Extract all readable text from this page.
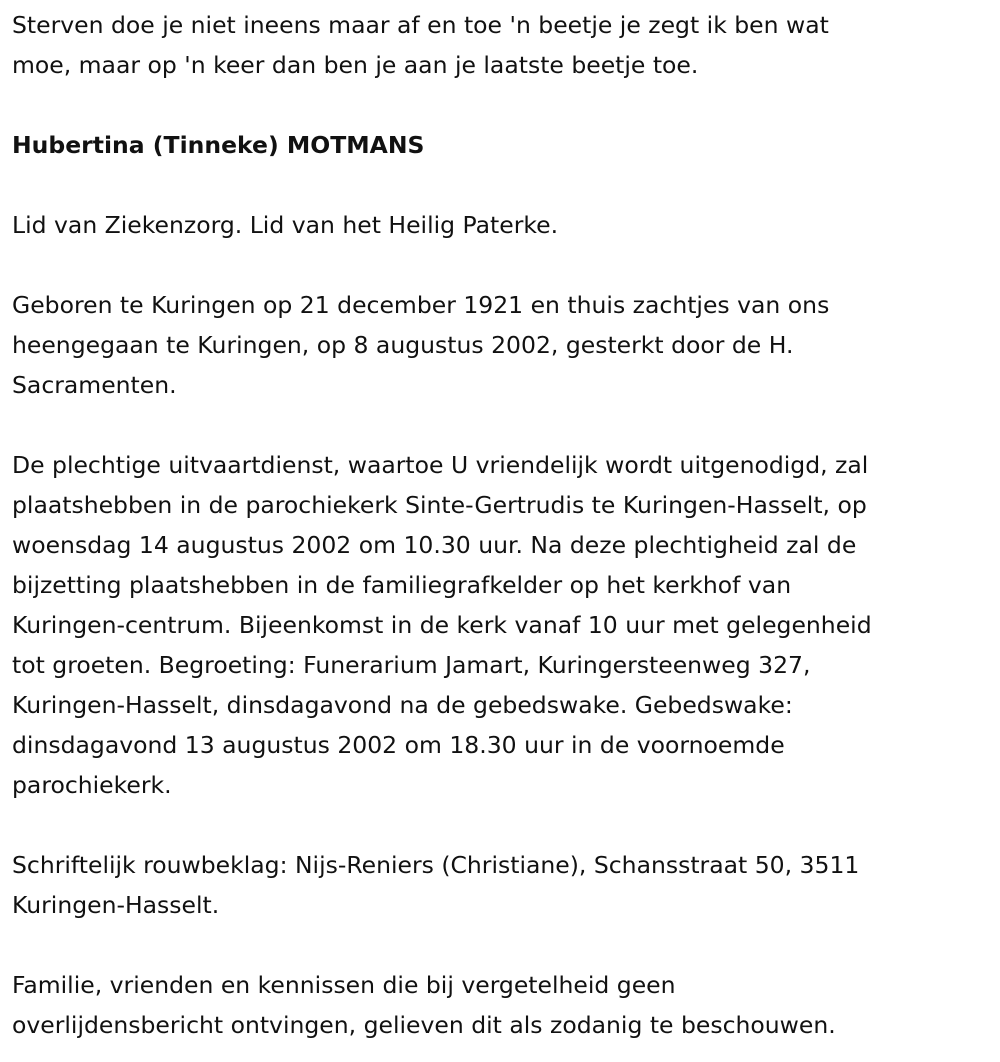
Sterven doe je niet ineens maar af en toe 'n beetje je zegt ik ben wat
moe, maar op 'n keer dan ben je aan je laatste beetje toe.

Hubertina (Tinneke) MOTMANS

Lid van Ziekenzorg. Lid van het Heilig Paterke.

Geboren te Kuringen op 21 december 1921 en thuis zachtjes van ons
heengegaan te Kuringen, op 8 augustus 2002, gesterkt door de H.
Sacramenten.

De plechtige uitvaartdienst, waartoe U vriendelijk wordt uitgenodigd, zal
plaatshebben in de parochiekerk Sinte-Gertrudis te Kuringen-Hasselt, op
woensdag 14 augustus 2002 om 10.30 uur. Na deze plechtigheid zal de
bijzetting plaatshebben in de familiegrafkelder op het kerkhof van
Kuringen-centrum. Bijeenkomst in de kerk vanaf 10 uur met gelegenheid
tot groeten. Begroeting: Funerarium Jamart, Kuringersteenweg 327,
Kuringen-Hasselt, dinsdagavond na de gebedswake. Gebedswake:
dinsdagavond 13 augustus 2002 om 18.30 uur in de voornoemde
parochiekerk.

Schriftelijk rouwbeklag: Nijs-Reniers (Christiane), Schansstraat 50, 3511
Kuringen-Hasselt.

Familie, vrienden en kennissen die bij vergetelheid geen
overlijdensbericht ontvingen, gelieven dit als zodanig te beschouwen.
